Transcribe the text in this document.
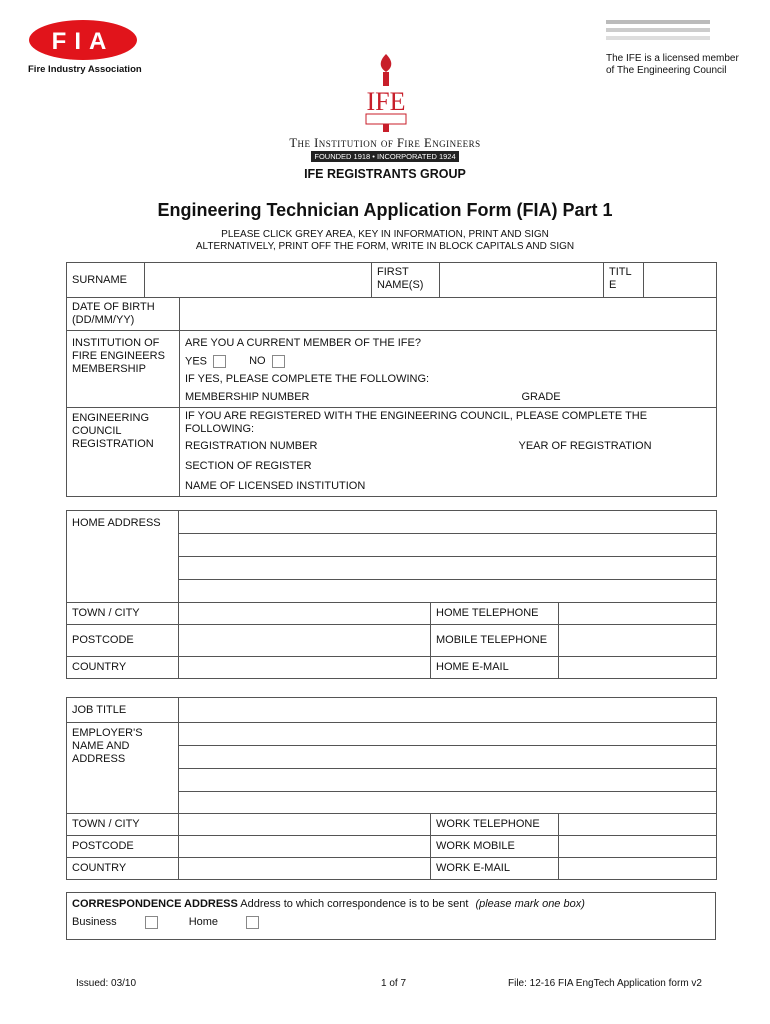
FIA
Fire Industry Association
The IFE is a licensed member
of The Engineering Council
IFE
The Institution of Fire Engineers
FOUNDED 1918 • INCORPORATED 1924
IFE REGISTRANTS GROUP
Engineering Technician Application Form (FIA) Part 1
PLEASE CLICK GREY AREA, KEY IN INFORMATION, PRINT AND SIGN
ALTERNATIVELY, PRINT OFF THE FORM, WRITE IN BLOCK CAPITALS AND SIGN
SURNAME			FIRST NAME(S)		TITLE	
DATE OF BIRTH (DD/MM/YY)						
INSTITUTION OF FIRE ENGINEERS MEMBERSHIP		ARE YOU A CURRENT MEMBER OF THE IFE?
YES NO
IF YES, PLEASE COMPLETE THE FOLLOWING:
MEMBERSHIP NUMBER GRADE				

ENGINEERING COUNCIL REGISTRATION		IF YOU ARE REGISTERED WITH THE ENGINEERING COUNCIL, PLEASE COMPLETE THE FOLLOWING:
REGISTRATION NUMBER YEAR OF REGISTRATION
SECTION OF REGISTER
NAME OF LICENSED INSTITUTION				
HOME ADDRESS			

TOWN / CITY		HOME TELEPHONE	
POSTCODE		MOBILE TELEPHONE	
COUNTRY		HOME E-MAIL	
JOB TITLE			
EMPLOYER'S NAME AND ADDRESS			

TOWN / CITY		WORK TELEPHONE	
POSTCODE		WORK MOBILE	
COUNTRY		WORK E-MAIL	
CORRESPONDENCE ADDRESS Address to which correspondence is to be sent (please mark one box)
Business	Home
Issued: 03/10	1 of 7	File: 12-16 FIA EngTech Application form v2
